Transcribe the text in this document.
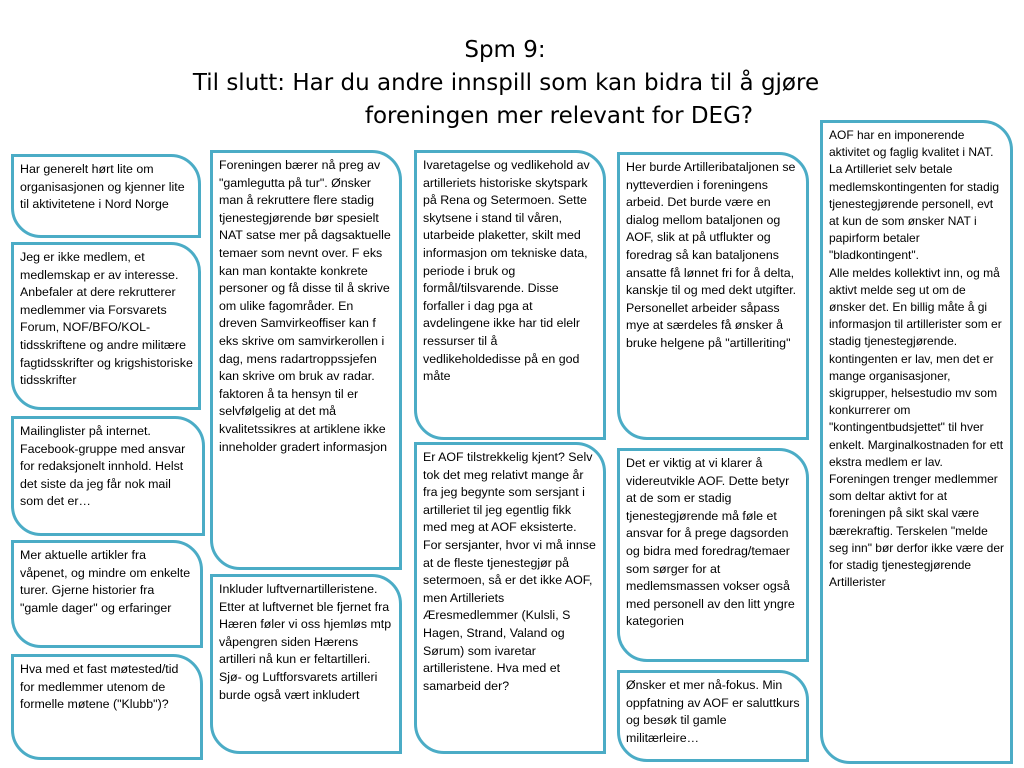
Spm 9:
Til slutt: Har du andre innspill som kan bidra til å gjøre
foreningen mer relevant for DEG?
Har generelt hørt lite om organisasjonen og kjenner lite til aktivitetene i Nord Norge
Jeg er ikke medlem, et medlemskap er av interesse. Anbefaler at dere rekrutterer medlemmer via Forsvarets Forum, NOF/BFO/KOL-tidsskriftene og andre militære fagtidsskrifter og krigshistoriske tidsskrifter
Mailinglister på internet. Facebook-gruppe med ansvar for redaksjonelt innhold. Helst det siste da jeg får nok mail som det er…
Mer aktuelle artikler fra våpenet, og mindre om enkelte turer. Gjerne historier fra "gamle dager" og erfaringer
Hva med et fast møtested/tid for medlemmer utenom de formelle møtene ("Klubb")?
Foreningen bærer nå preg av "gamlegutta på tur". Ønsker man å rekruttere flere stadig tjenestegjørende bør spesielt NAT satse mer på dagsaktuelle temaer som nevnt over. F eks kan man kontakte konkrete personer og få disse til å skrive om ulike fagområder. En dreven Samvirkeoffiser kan f eks skrive om samvirkerollen i dag, mens radartroppssjefen kan skrive om bruk av radar. faktoren å ta hensyn til er selvfølgelig at det må kvalitetssikres at artiklene ikke inneholder gradert informasjon
Inkluder luftvernartilleristene. Etter at luftvernet ble fjernet fra Hæren føler vi oss hjemløs mtp våpengren siden Hærens artilleri nå kun er feltartilleri. Sjø- og Luftforsvarets artilleri burde også vært inkludert
Ivaretagelse og vedlikehold av artilleriets historiske skytspark på Rena og Setermoen. Sette skytsene i stand til våren, utarbeide plaketter, skilt med informasjon om tekniske data, periode i bruk og formål/tilsvarende. Disse forfaller i dag pga at avdelingene ikke har tid elelr ressurser til å vedlikeholdedisse på en god måte
Er AOF tilstrekkelig kjent? Selv tok det meg relativt mange år fra jeg begynte som sersjant i artilleriet til jeg egentlig fikk med meg at AOF eksisterte. For sersjanter, hvor vi må innse at de fleste tjenestegjør på setermoen, så er det ikke AOF, men Artilleriets Æresmedlemmer (Kulsli, S Hagen, Strand, Valand og Sørum) som ivaretar artilleristene. Hva med et samarbeid der?
Her burde Artilleribataljonen se nytteverdien i foreningens arbeid. Det burde være en dialog mellom bataljonen og AOF, slik at på utflukter og foredrag så kan bataljonens ansatte få lønnet fri for å delta, kanskje til og med dekt utgifter. Personellet arbeider såpass mye at særdeles få ønsker å bruke helgene på "artilleriting"
Det er viktig at vi klarer å videreutvikle AOF. Dette betyr at de som er stadig tjenestegjørende må føle et ansvar for å prege dagsorden og bidra med foredrag/temaer som sørger for at medlemsmassen vokser også med personell av den litt yngre kategorien
Ønsker et mer nå-fokus. Min oppfatning av AOF er saluttkurs og besøk til gamle militærleire…
AOF har en imponerende aktivitet og faglig kvalitet i NAT. La Artilleriet selv betale medlemskontingenten for stadig tjenestegjørende personell, evt at kun de som ønsker NAT i papirform betaler "bladkontingent".
Alle meldes kollektivt inn, og må aktivt melde seg ut om de ønsker det. En billig måte å gi informasjon til artillerister som er stadig tjenestegjørende. kontingenten er lav, men det er mange organisasjoner, skigrupper, helsestudio mv som konkurrerer om "kontingentbudsjettet" til hver enkelt. Marginalkostnaden for ett ekstra medlem er lav. Foreningen trenger medlemmer som deltar aktivt for at foreningen på sikt skal være bærekraftig. Terskelen "melde seg inn" bør derfor ikke være der for stadig tjenestegjørende Artillerister
